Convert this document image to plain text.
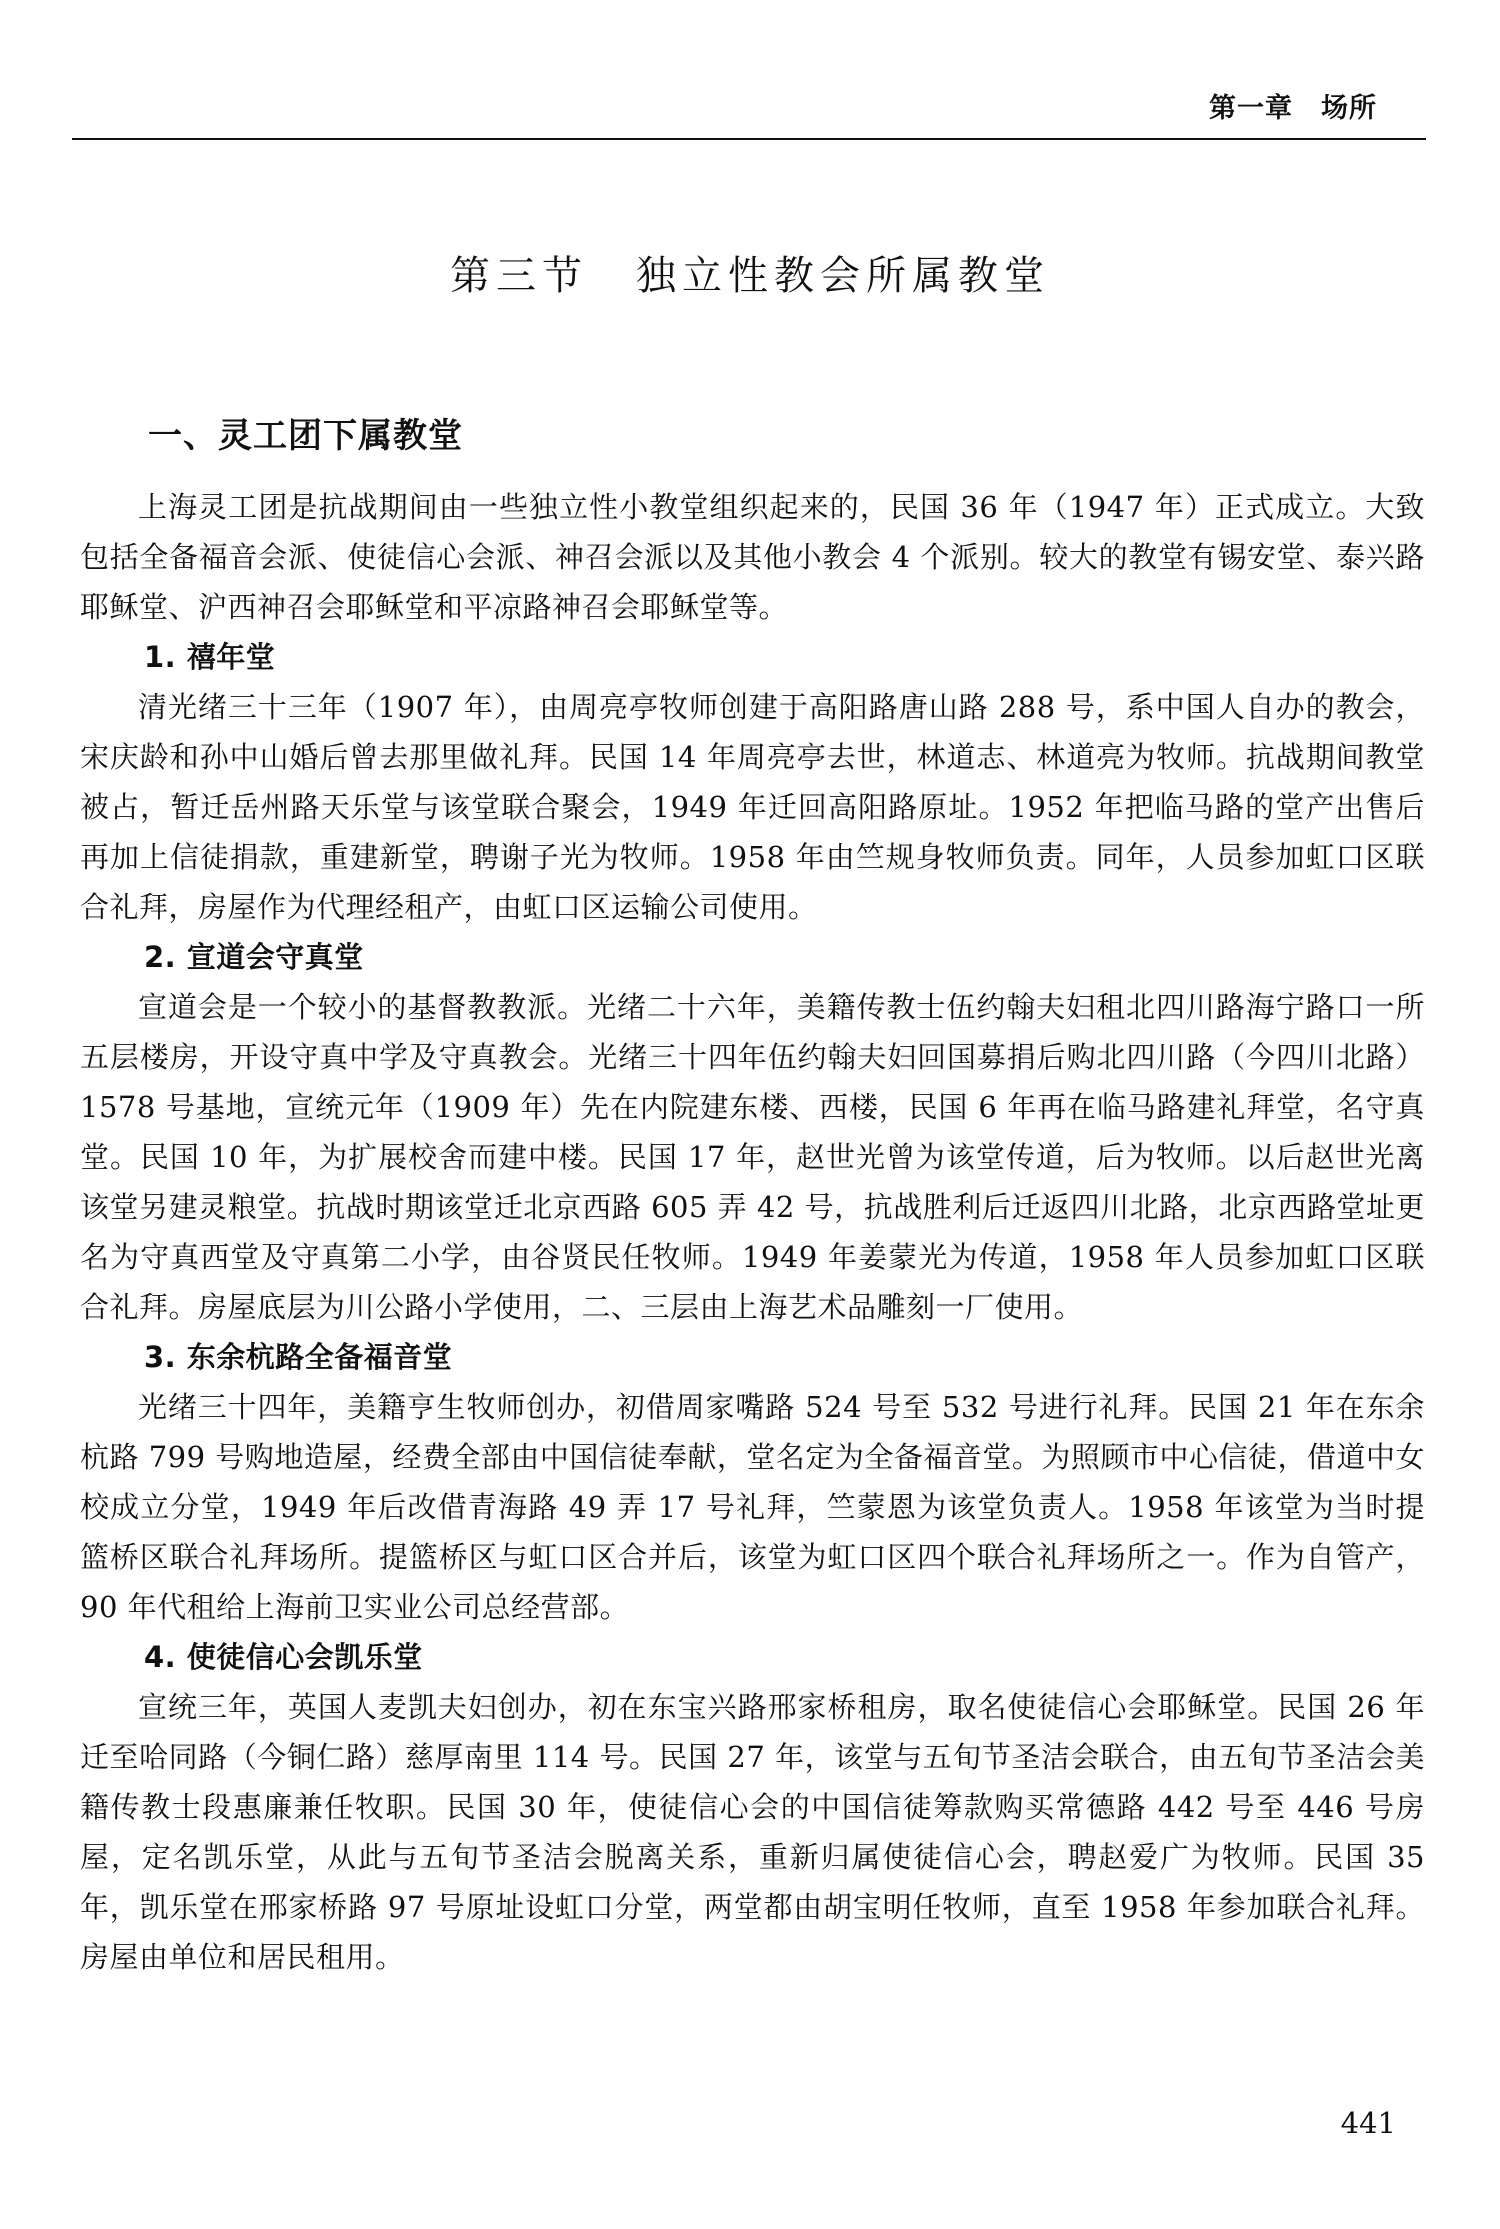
第一章 场所
第三节 独立性教会所属教堂
一、灵工团下属教堂

上海灵工团是抗战期间由一些独立性小教堂组织起来的，民国 36 年（1947 年）正式成立。大致包括全备福音会派、使徒信心会派、神召会派以及其他小教会 4 个派别。较大的教堂有锡安堂、泰兴路耶稣堂、沪西神召会耶稣堂和平凉路神召会耶稣堂等。

1. 禧年堂

清光绪三十三年（1907 年），由周亮亭牧师创建于高阳路唐山路 288 号，系中国人自办的教会，宋庆龄和孙中山婚后曾去那里做礼拜。民国 14 年周亮亭去世，林道志、林道亮为牧师。抗战期间教堂被占，暂迁岳州路天乐堂与该堂联合聚会，1949 年迁回高阳路原址。1952 年把临马路的堂产出售后再加上信徒捐款，重建新堂，聘谢子光为牧师。1958 年由竺规身牧师负责。同年，人员参加虹口区联合礼拜，房屋作为代理经租产，由虹口区运输公司使用。

2. 宣道会守真堂

宣道会是一个较小的基督教教派。光绪二十六年，美籍传教士伍约翰夫妇租北四川路海宁路口一所五层楼房，开设守真中学及守真教会。光绪三十四年伍约翰夫妇回国募捐后购北四川路（今四川北路）1578 号基地，宣统元年（1909 年）先在内院建东楼、西楼，民国 6 年再在临马路建礼拜堂，名守真堂。民国 10 年，为扩展校舍而建中楼。民国 17 年，赵世光曾为该堂传道，后为牧师。以后赵世光离该堂另建灵粮堂。抗战时期该堂迁北京西路 605 弄 42 号，抗战胜利后迁返四川北路，北京西路堂址更名为守真西堂及守真第二小学，由谷贤民任牧师。1949 年姜蒙光为传道，1958 年人员参加虹口区联合礼拜。房屋底层为川公路小学使用，二、三层由上海艺术品雕刻一厂使用。

3. 东余杭路全备福音堂

光绪三十四年，美籍亨生牧师创办，初借周家嘴路 524 号至 532 号进行礼拜。民国 21 年在东余杭路 799 号购地造屋，经费全部由中国信徒奉献，堂名定为全备福音堂。为照顾市中心信徒，借道中女校成立分堂，1949 年后改借青海路 49 弄 17 号礼拜，竺蒙恩为该堂负责人。1958 年该堂为当时提篮桥区联合礼拜场所。提篮桥区与虹口区合并后，该堂为虹口区四个联合礼拜场所之一。作为自管产，90 年代租给上海前卫实业公司总经营部。

4. 使徒信心会凯乐堂

宣统三年，英国人麦凯夫妇创办，初在东宝兴路邢家桥租房，取名使徒信心会耶稣堂。民国 26 年迁至哈同路（今铜仁路）慈厚南里 114 号。民国 27 年，该堂与五旬节圣洁会联合，由五旬节圣洁会美籍传教士段惠廉兼任牧职。民国 30 年，使徒信心会的中国信徒筹款购买常德路 442 号至 446 号房屋，定名凯乐堂，从此与五旬节圣洁会脱离关系，重新归属使徒信心会，聘赵爱广为牧师。民国 35 年，凯乐堂在邢家桥路 97 号原址设虹口分堂，两堂都由胡宝明任牧师，直至 1958 年参加联合礼拜。房屋由单位和居民租用。

441
